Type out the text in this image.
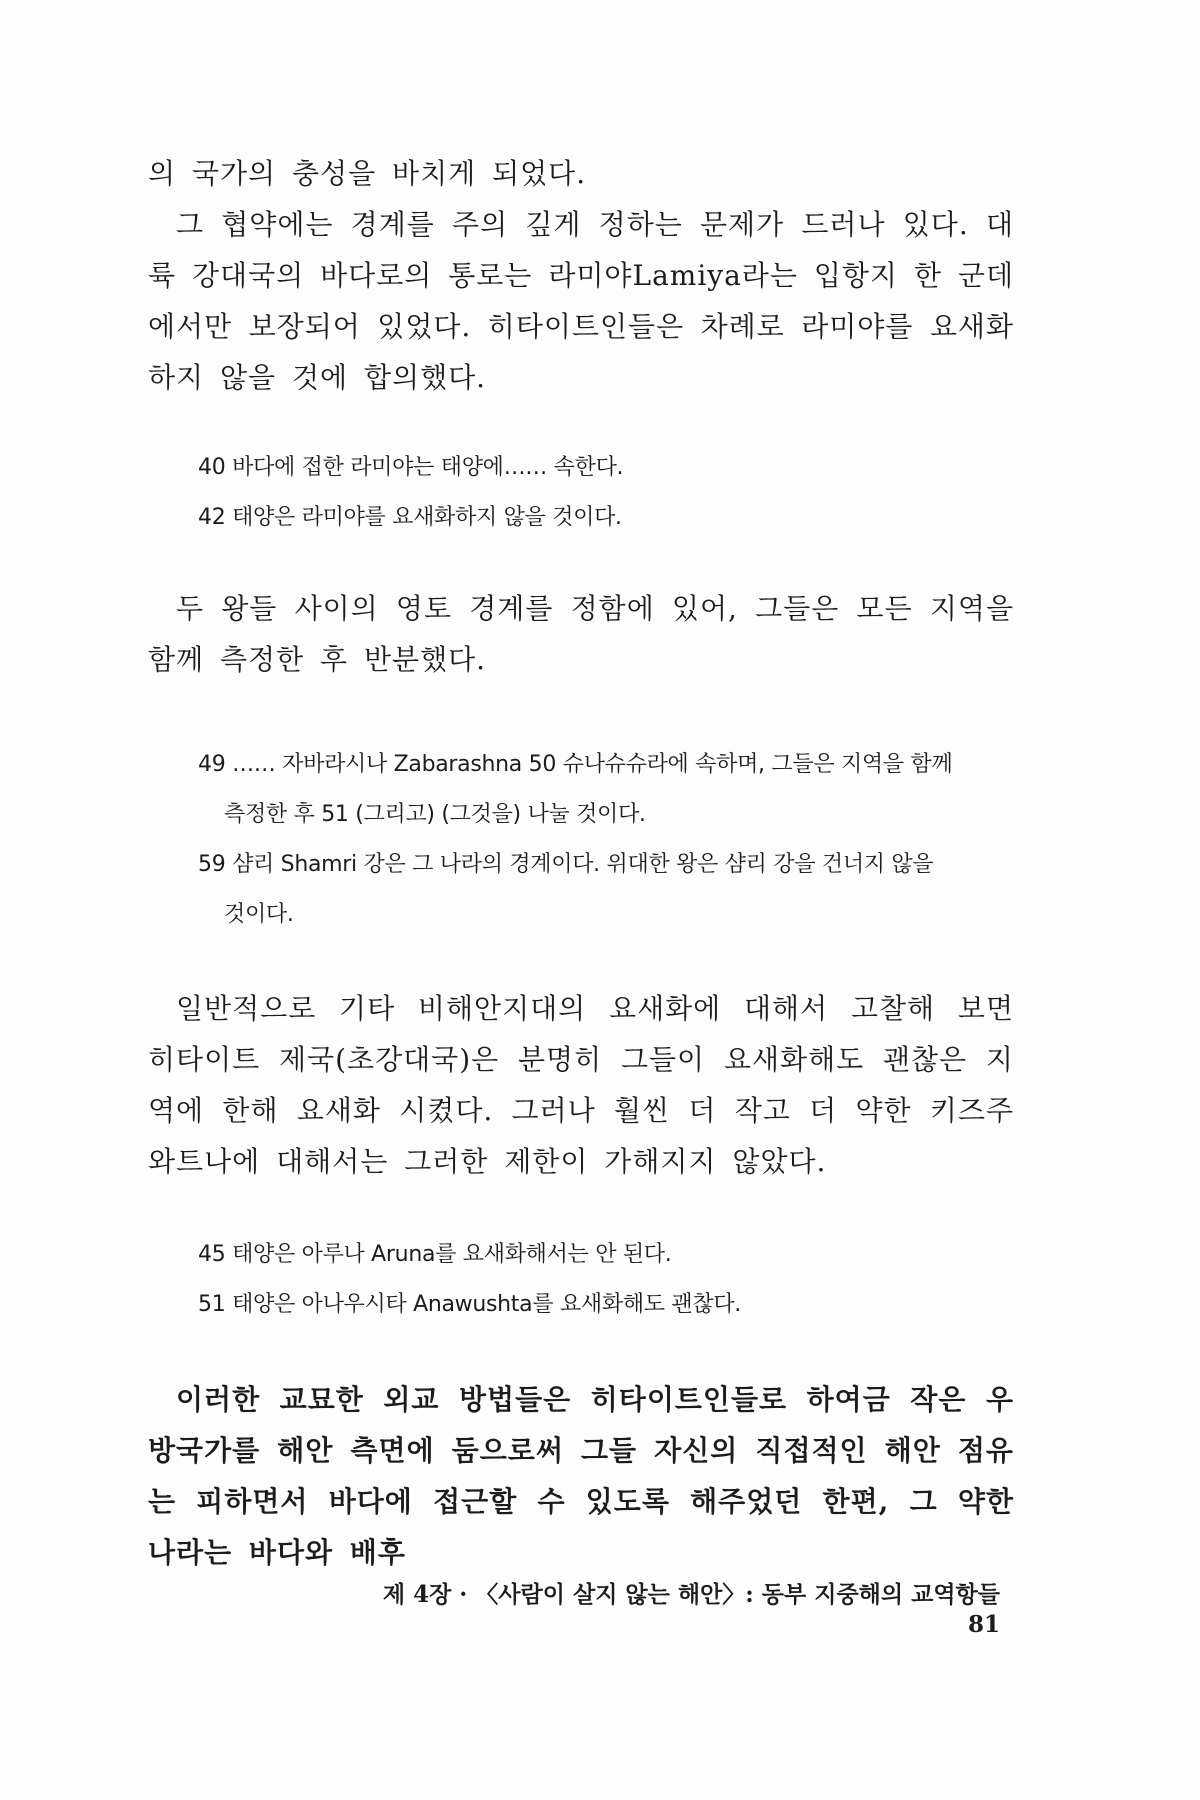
의 국가의 충성을 바치게 되었다.

그 협약에는 경계를 주의 깊게 정하는 문제가 드러나 있다. 대륙 강대국의 바다로의 통로는 라미야Lamiya라는 입항지 한 군데에서만 보장되어 있었다. 히타이트인들은 차례로 라미야를 요새화하지 않을 것에 합의했다.

40 바다에 접한 라미야는 태양에…… 속한다.
42 태양은 라미야를 요새화하지 않을 것이다.

두 왕들 사이의 영토 경계를 정함에 있어, 그들은 모든 지역을 함께 측정한 후 반분했다.

49 …… 자바라시나 Zabarashna 50 슈나슈슈라에 속하며, 그들은 지역을 함께
측정한 후 51 (그리고) (그것을) 나눌 것이다.
59 샴리 Shamri 강은 그 나라의 경계이다. 위대한 왕은 샴리 강을 건너지 않을
것이다.

일반적으로 기타 비해안지대의 요새화에 대해서 고찰해 보면 히타이트 제국(초강대국)은 분명히 그들이 요새화해도 괜찮은 지역에 한해 요새화 시켰다. 그러나 훨씬 더 작고 더 약한 키즈주와트나에 대해서는 그러한 제한이 가해지지 않았다.

45 태양은 아루나 Aruna를 요새화해서는 안 된다.
51 태양은 아나우시타 Anawushta를 요새화해도 괜찮다.

이러한 교묘한 외교 방법들은 히타이트인들로 하여금 작은 우방국가를 해안 측면에 둠으로써 그들 자신의 직접적인 해안 점유는 피하면서 바다에 접근할 수 있도록 해주었던 한편, 그 약한 나라는 바다와 배후

제 4장 · 〈사람이 살지 않는 해안〉: 동부 지중해의 교역항들81
